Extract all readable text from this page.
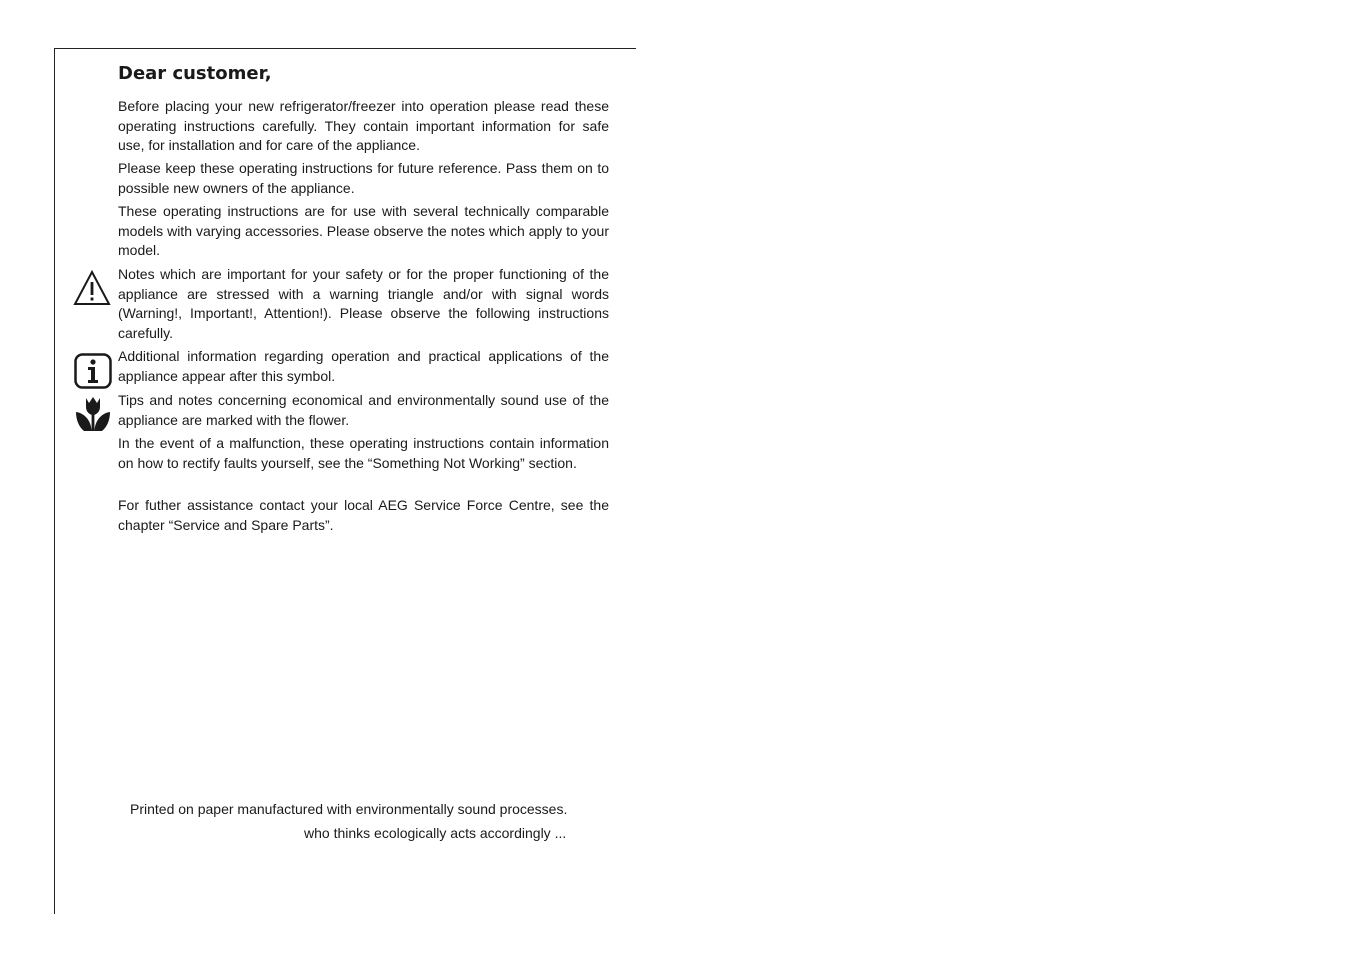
Dear customer,

Before placing your new refrigerator/freezer into operation please read these operating instructions carefully. They contain important information for safe use, for installation and for care of the appliance.

Please keep these operating instructions for future reference. Pass them on to possible new owners of the appliance.

These operating instructions are for use with several technically comparable models with varying accessories. Please observe the notes which apply to your model.

Notes which are important for your safety or for the proper functioning of the appliance are stressed with a warning triangle and/or with signal words (Warning!, Important!, Attention!). Please observe the following instructions carefully.

Additional information regarding operation and practical applications of the appliance appear after this symbol.

Tips and notes concerning economical and environmentally sound use of the appliance are marked with the flower.

In the event of a malfunction, these operating instructions contain information on how to rectify faults yourself, see the “Something Not Working” section.

For futher assistance contact your local AEG Service Force Centre, see the chapter “Service and Spare Parts”.

Printed on paper manufactured with environmentally sound processes.

who thinks ecologically acts accordingly ...
